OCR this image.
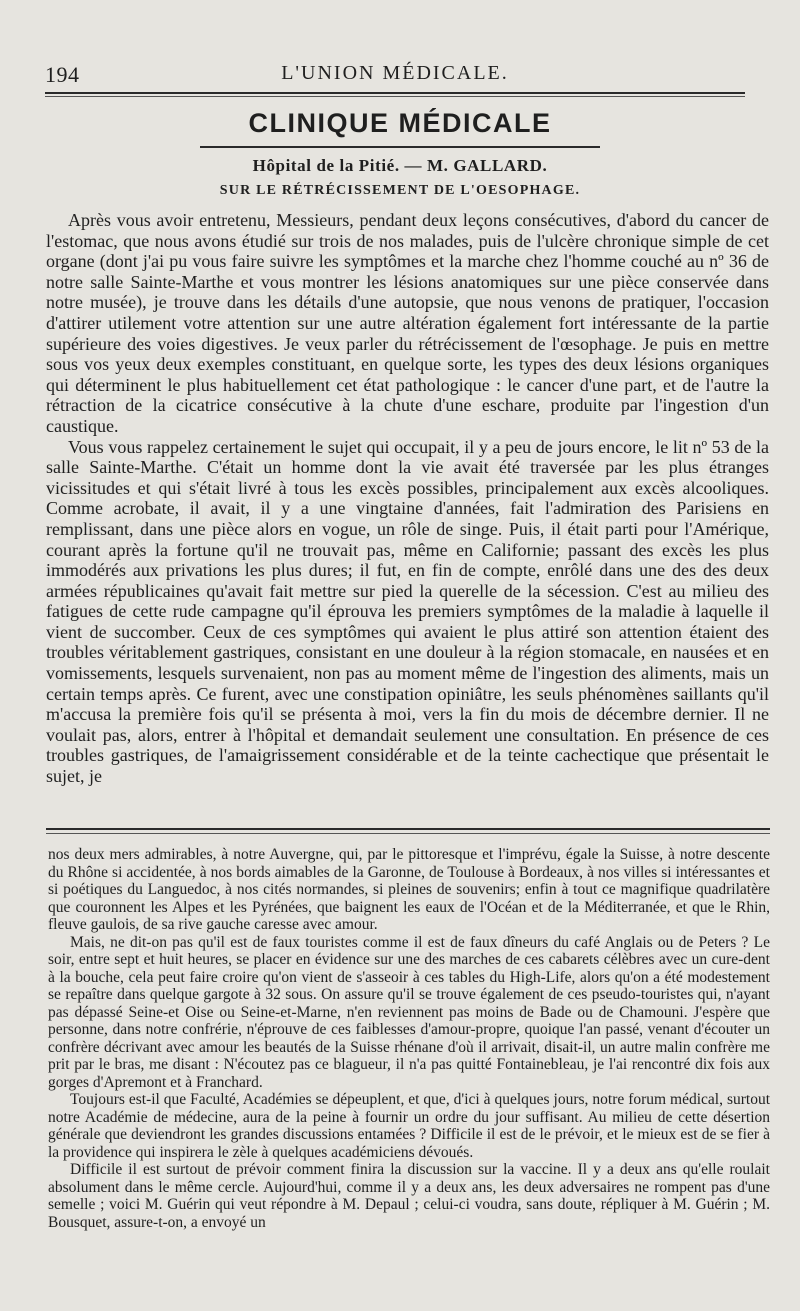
194	L'UNION MÉDICALE.
CLINIQUE MÉDICALE
Hôpital de la Pitié. — M. GALLARD.
SUR LE RÉTRÉCISSEMENT DE L'OESOPHAGE.

Après vous avoir entretenu, Messieurs, pendant deux leçons consécutives, d'abord du cancer de l'estomac, que nous avons étudié sur trois de nos malades, puis de l'ulcère chronique simple de cet organe (dont j'ai pu vous faire suivre les symptômes et la marche chez l'homme couché au nº 36 de notre salle Sainte-Marthe et vous montrer les lésions anatomiques sur une pièce conservée dans notre musée), je trouve dans les détails d'une autopsie, que nous venons de pratiquer, l'occasion d'attirer utilement votre attention sur une autre altération également fort intéressante de la partie supérieure des voies digestives. Je veux parler du rétrécissement de l'œsophage. Je puis en mettre sous vos yeux deux exemples constituant, en quelque sorte, les types des deux lésions organiques qui déterminent le plus habituellement cet état pathologique : le cancer d'une part, et de l'autre la rétraction de la cicatrice consécutive à la chute d'une eschare, produite par l'ingestion d'un caustique.

Vous vous rappelez certainement le sujet qui occupait, il y a peu de jours encore, le lit nº 53 de la salle Sainte-Marthe. C'était un homme dont la vie avait été traversée par les plus étranges vicissitudes et qui s'était livré à tous les excès possibles, principalement aux excès alcooliques. Comme acrobate, il avait, il y a une vingtaine d'années, fait l'admiration des Parisiens en remplissant, dans une pièce alors en vogue, un rôle de singe. Puis, il était parti pour l'Amérique, courant après la fortune qu'il ne trouvait pas, même en Californie; passant des excès les plus immodérés aux privations les plus dures; il fut, en fin de compte, enrôlé dans une des des deux armées républicaines qu'avait fait mettre sur pied la querelle de la sécession. C'est au milieu des fatigues de cette rude campagne qu'il éprouva les premiers symptômes de la maladie à laquelle il vient de succomber. Ceux de ces symptômes qui avaient le plus attiré son attention étaient des troubles véritablement gastriques, consistant en une douleur à la région stomacale, en nausées et en vomissements, lesquels survenaient, non pas au moment même de l'ingestion des aliments, mais un certain temps après. Ce furent, avec une constipation opiniâtre, les seuls phénomènes saillants qu'il m'accusa la première fois qu'il se présenta à moi, vers la fin du mois de décembre dernier. Il ne voulait pas, alors, entrer à l'hôpital et demandait seulement une consultation. En présence de ces troubles gastriques, de l'amaigrissement considérable et de la teinte cachectique que présentait le sujet, je

nos deux mers admirables, à notre Auvergne, qui, par le pittoresque et l'imprévu, égale la Suisse, à notre descente du Rhône si accidentée, à nos bords aimables de la Garonne, de Toulouse à Bordeaux, à nos villes si intéressantes et si poétiques du Languedoc, à nos cités normandes, si pleines de souvenirs; enfin à tout ce magnifique quadrilatère que couronnent les Alpes et les Pyrénées, que baignent les eaux de l'Océan et de la Méditerranée, et que le Rhin, fleuve gaulois, de sa rive gauche caresse avec amour.

Mais, ne dit-on pas qu'il est de faux touristes comme il est de faux dîneurs du café Anglais ou de Peters ? Le soir, entre sept et huit heures, se placer en évidence sur une des marches de ces cabarets célèbres avec un cure-dent à la bouche, cela peut faire croire qu'on vient de s'asseoir à ces tables du High-Life, alors qu'on a été modestement se repaître dans quelque gargote à 32 sous. On assure qu'il se trouve également de ces pseudo-touristes qui, n'ayant pas dépassé Seine-et Oise ou Seine-et-Marne, n'en reviennent pas moins de Bade ou de Chamouni. J'espère que personne, dans notre confrérie, n'éprouve de ces faiblesses d'amour-propre, quoique l'an passé, venant d'écouter un confrère décrivant avec amour les beautés de la Suisse rhénane d'où il arrivait, disait-il, un autre malin confrère me prit par le bras, me disant : N'écoutez pas ce blagueur, il n'a pas quitté Fontainebleau, je l'ai rencontré dix fois aux gorges d'Apremont et à Franchard.

Toujours est-il que Faculté, Académies se dépeuplent, et que, d'ici à quelques jours, notre forum médical, surtout notre Académie de médecine, aura de la peine à fournir un ordre du jour suffisant. Au milieu de cette désertion générale que deviendront les grandes discussions entamées ? Difficile il est de le prévoir, et le mieux est de se fier à la providence qui inspirera le zèle à quelques académiciens dévoués.

Difficile il est surtout de prévoir comment finira la discussion sur la vaccine. Il y a deux ans qu'elle roulait absolument dans le même cercle. Aujourd'hui, comme il y a deux ans, les deux adversaires ne rompent pas d'une semelle ; voici M. Guérin qui veut répondre à M. Depaul ; celui-ci voudra, sans doute, répliquer à M. Guérin ; M. Bousquet, assure-t-on, a envoyé un
